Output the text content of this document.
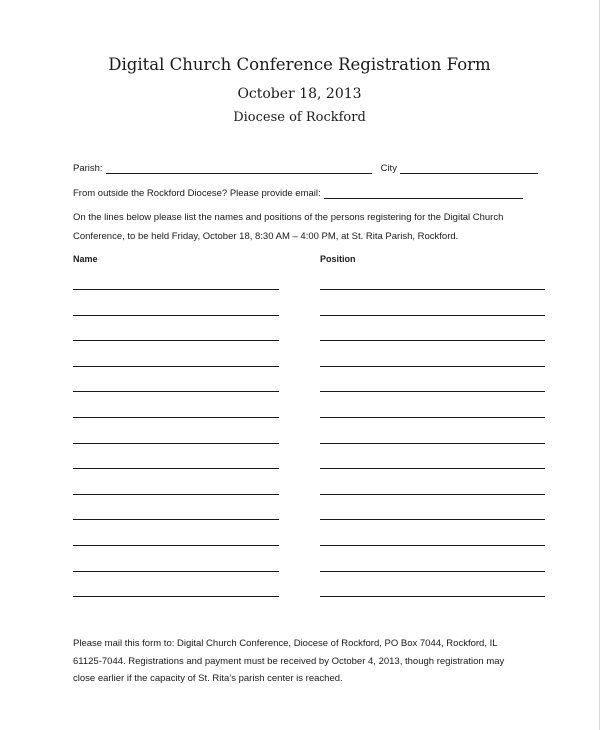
Digital Church Conference Registration Form
October 18, 2013
Diocese of Rockford
Parish:	City
From outside the Rockford Diocese? Please provide email:
On the lines below please list the names and positions of the persons registering for the Digital Church
Conference, to be held Friday, October 18, 8:30 AM – 4:00 PM, at St. Rita Parish, Rockford.
Name	Position
Please mail this form to: Digital Church Conference, Diocese of Rockford, PO Box 7044, Rockford, IL
61125-7044. Registrations and payment must be received by October 4, 2013, though registration may
close earlier if the capacity of St. Rita’s parish center is reached.
